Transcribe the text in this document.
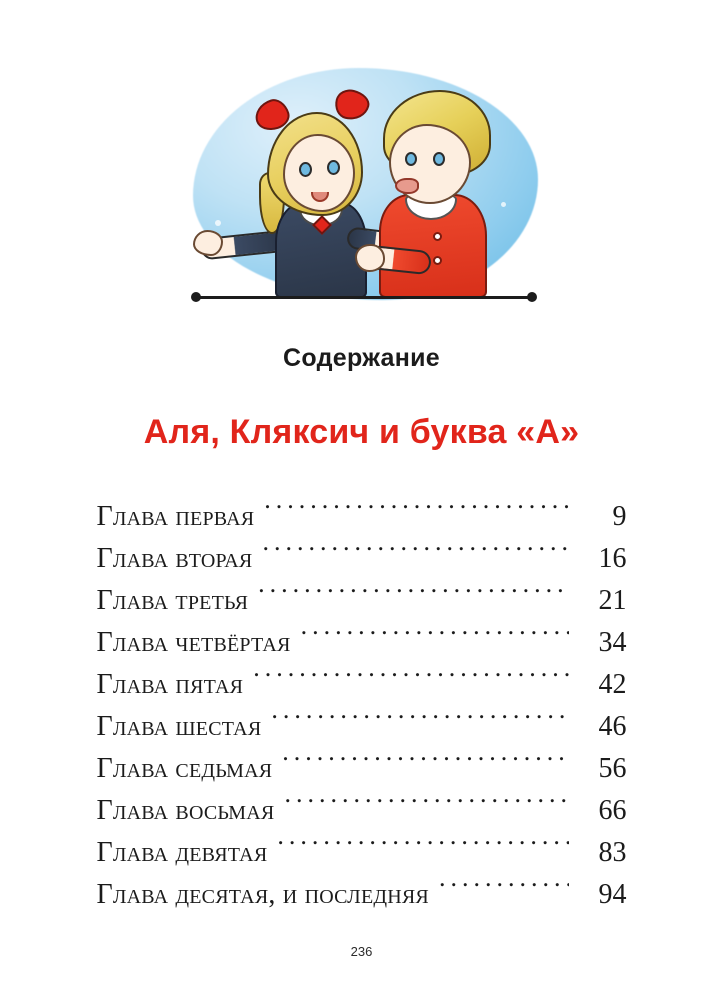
Содержание
Аля, Кляксич и буква «А»
Глава первая .....	9
Глава вторая .....	16
Глава третья .....	21
Глава четвёртая .....	34
Глава пятая .....	42
Глава шестая .....	46
Глава седьмая .....	56
Глава восьмая .....	66
Глава девятая .....	83
Глава десятая, и последняя .....	94
236
